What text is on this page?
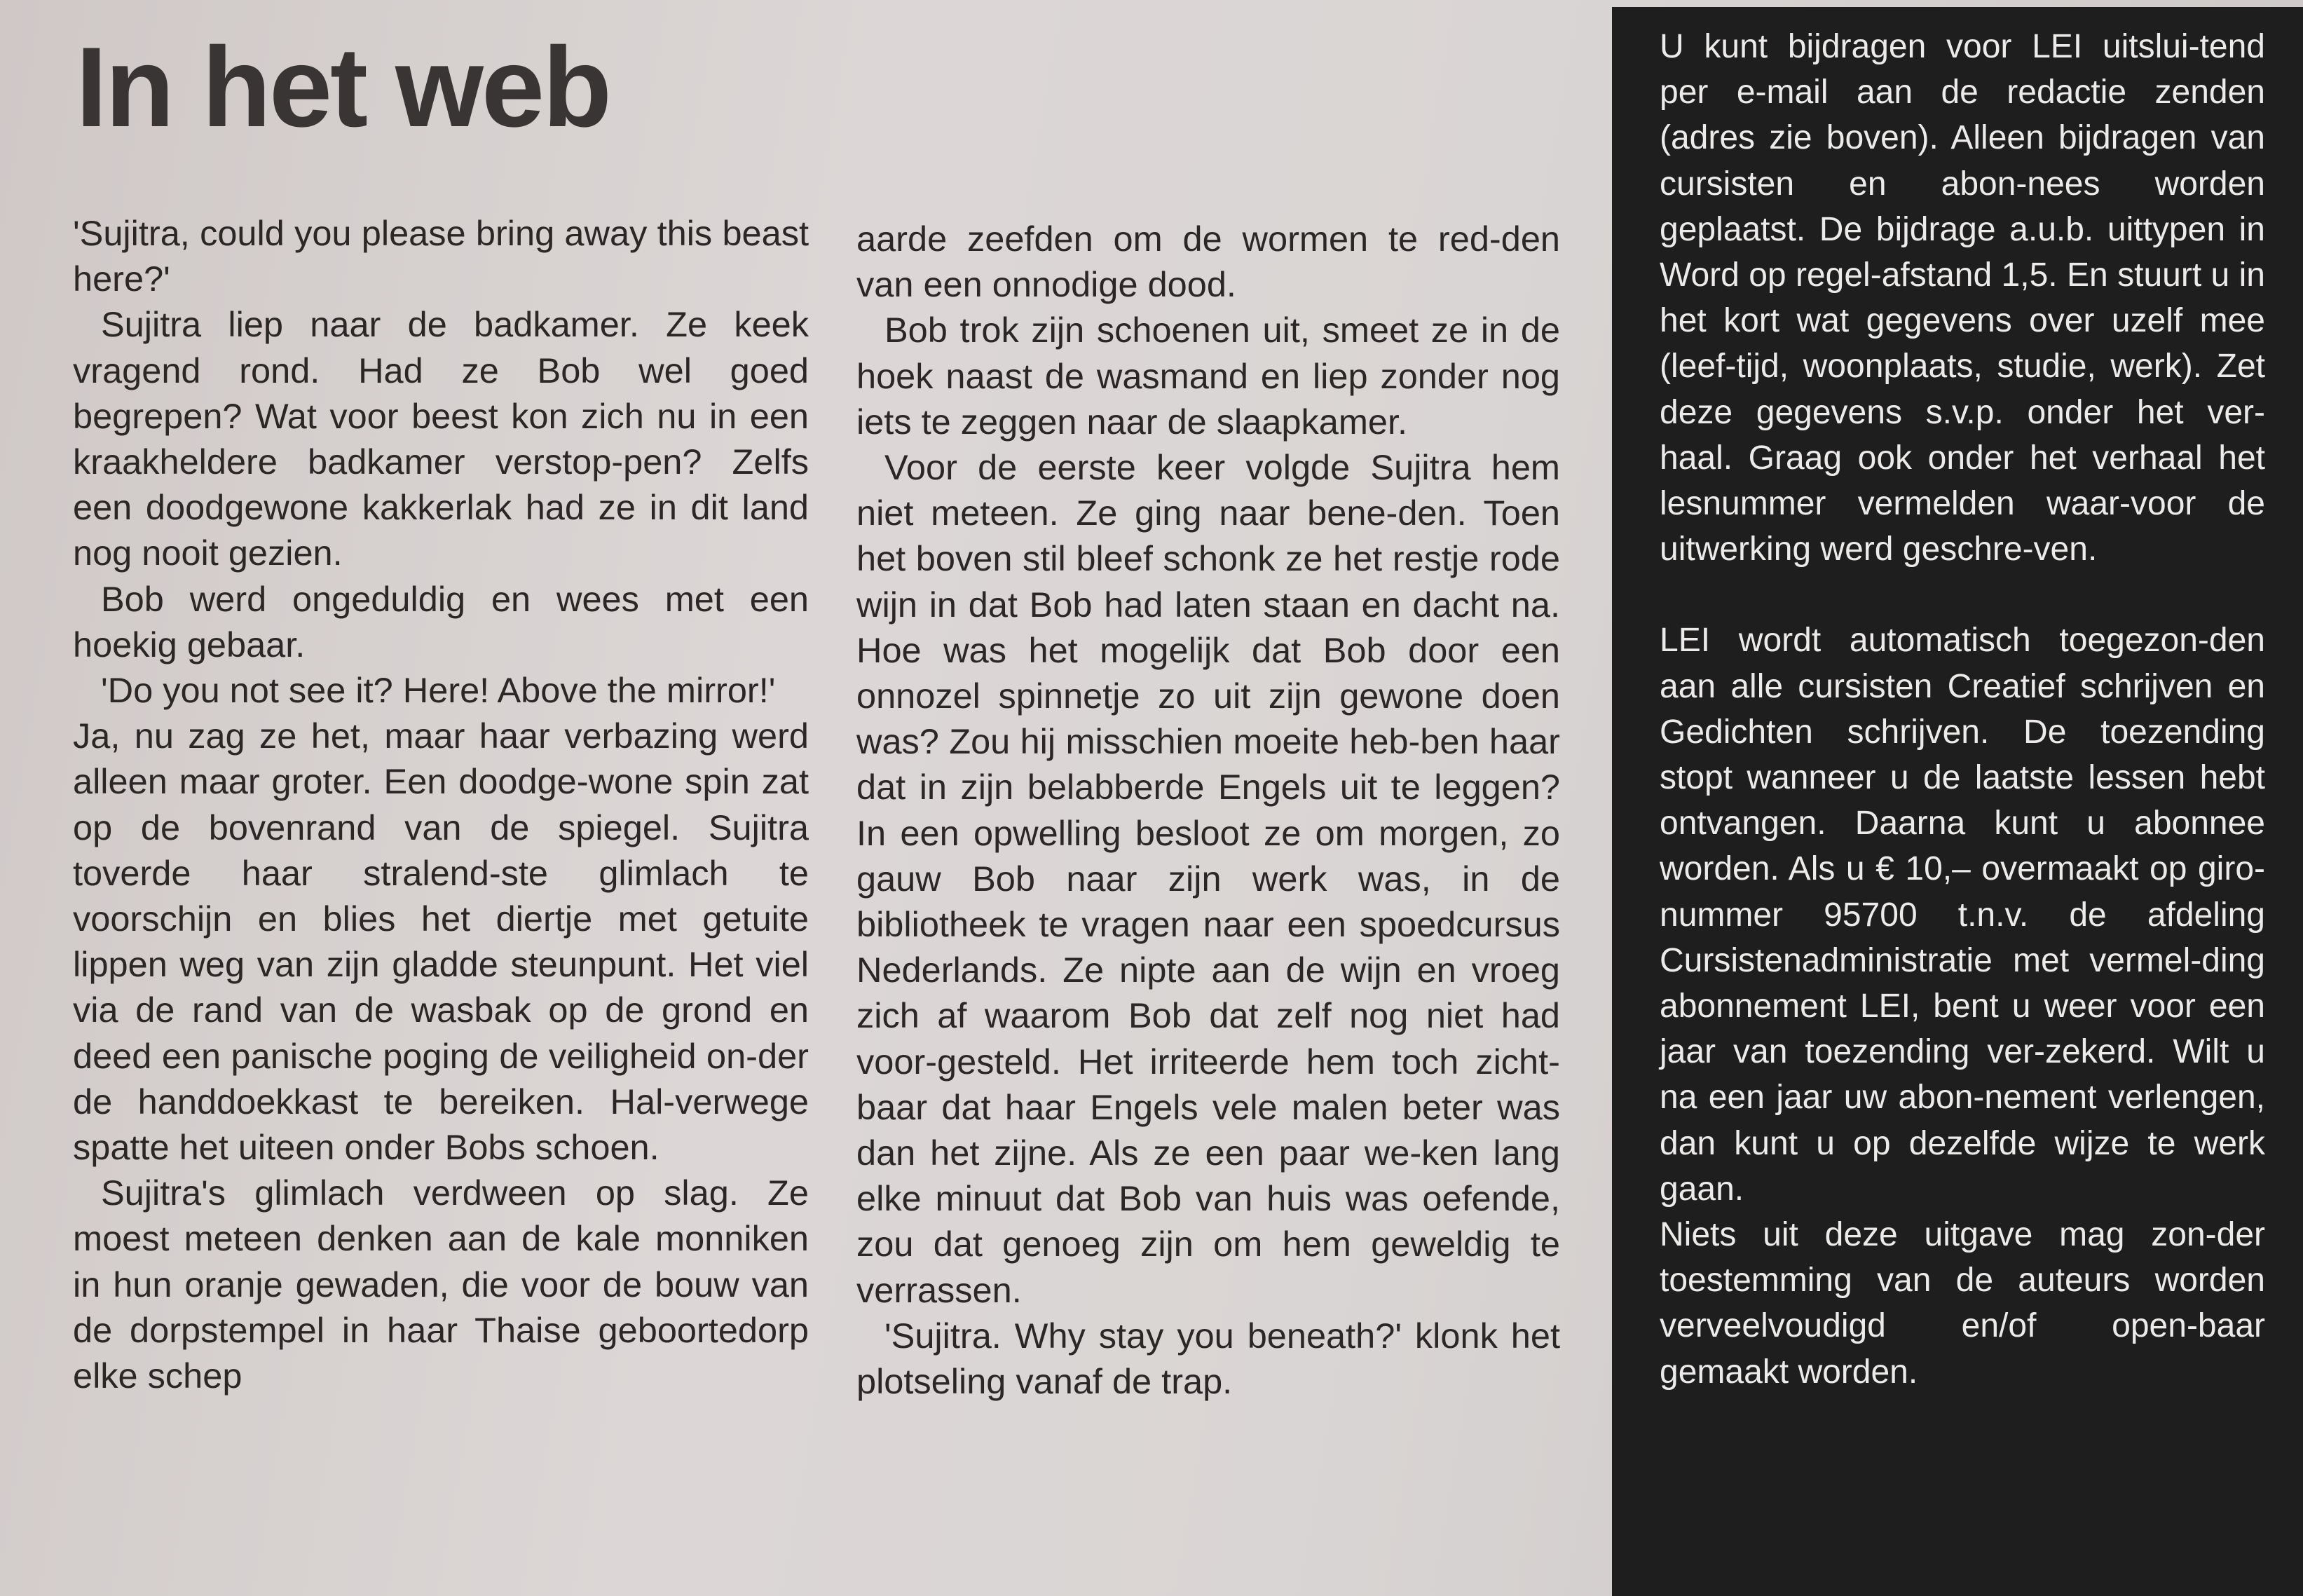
In het web

'Sujitra, could you please bring away this beast here?'

Sujitra liep naar de badkamer. Ze keek vragend rond. Had ze Bob wel goed begrepen? Wat voor beest kon zich nu in een kraakheldere badkamer verstop-pen? Zelfs een doodgewone kakkerlak had ze in dit land nog nooit gezien.

Bob werd ongeduldig en wees met een hoekig gebaar.

'Do you not see it? Here! Above the mirror!'

Ja, nu zag ze het, maar haar verbazing werd alleen maar groter. Een doodge-wone spin zat op de bovenrand van de spiegel. Sujitra toverde haar stralend-ste glimlach te voorschijn en blies het diertje met getuite lippen weg van zijn gladde steunpunt. Het viel via de rand van de wasbak op de grond en deed een panische poging de veiligheid on-der de handdoekkast te bereiken. Hal-verwege spatte het uiteen onder Bobs schoen.

Sujitra's glimlach verdween op slag. Ze moest meteen denken aan de kale monniken in hun oranje gewaden, die voor de bouw van de dorpstempel in haar Thaise geboortedorp elke schep

aarde zeefden om de wormen te red-den van een onnodige dood.

Bob trok zijn schoenen uit, smeet ze in de hoek naast de wasmand en liep zonder nog iets te zeggen naar de slaapkamer.

Voor de eerste keer volgde Sujitra hem niet meteen. Ze ging naar bene-den. Toen het boven stil bleef schonk ze het restje rode wijn in dat Bob had laten staan en dacht na. Hoe was het mogelijk dat Bob door een onnozel spinnetje zo uit zijn gewone doen was? Zou hij misschien moeite heb-ben haar dat in zijn belabberde Engels uit te leggen? In een opwelling besloot ze om morgen, zo gauw Bob naar zijn werk was, in de bibliotheek te vragen naar een spoedcursus Nederlands. Ze nipte aan de wijn en vroeg zich af waarom Bob dat zelf nog niet had voor-gesteld. Het irriteerde hem toch zicht-baar dat haar Engels vele malen beter was dan het zijne. Als ze een paar we-ken lang elke minuut dat Bob van huis was oefende, zou dat genoeg zijn om hem geweldig te verrassen.

'Sujitra. Why stay you beneath?' klonk het plotseling vanaf de trap.

U kunt bijdragen voor LEI uitslui-tend per e-mail aan de redactie zenden (adres zie boven). Alleen bijdragen van cursisten en abon-nees worden geplaatst. De bijdrage a.u.b. uittypen in Word op regel-afstand 1,5. En stuurt u in het kort wat gegevens over uzelf mee (leef-tijd, woonplaats, studie, werk). Zet deze gegevens s.v.p. onder het ver-haal. Graag ook onder het verhaal het lesnummer vermelden waar-voor de uitwerking werd geschre-ven.

LEI wordt automatisch toegezon-den aan alle cursisten Creatief schrijven en Gedichten schrijven. De toezending stopt wanneer u de laatste lessen hebt ontvangen. Daarna kunt u abonnee worden. Als u € 10,– overmaakt op giro-nummer 95700 t.n.v. de afdeling Cursistenadministratie met vermel-ding abonnement LEI, bent u weer voor een jaar van toezending ver-zekerd. Wilt u na een jaar uw abon-nement verlengen, dan kunt u op dezelfde wijze te werk gaan.

Niets uit deze uitgave mag zon-der toestemming van de auteurs worden verveelvoudigd en/of open-baar gemaakt worden.
